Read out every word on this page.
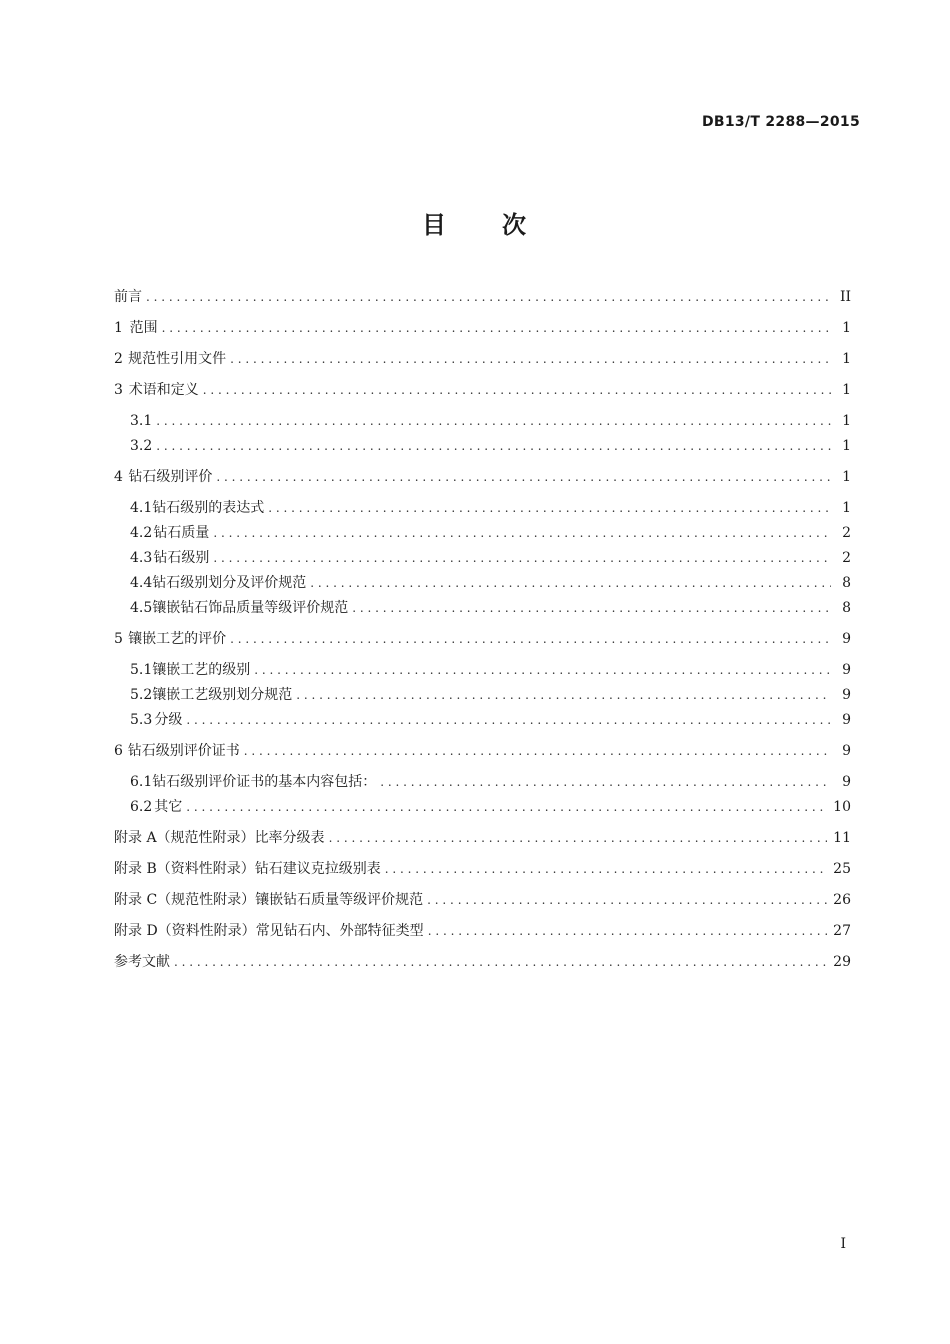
DB13/T 2288—2015
目 次
前言 . . .	II
1 范围 . . .	1
2 规范性引用文件 . . .	1
3 术语和定义 . . .	1
3.1 . . .	1
3.2 . . .	1
4 钻石级别评价 . . .	1
4.1 钻石级别的表达式 . . .	1
4.2 钻石质量 . . .	2
4.3 钻石级别 . . .	2
4.4 钻石级别划分及评价规范 . . .	8
4.5 镶嵌钻石饰品质量等级评价规范 . . .	8
5 镶嵌工艺的评价 . . .	9
5.1 镶嵌工艺的级别 . . .	9
5.2 镶嵌工艺级别划分规范 . . .	9
5.3 分级 . . .	9
6 钻石级别评价证书 . . .	9
6.1 钻石级别评价证书的基本内容包括： . . .	9
6.2 其它 . . .	10
附录 A（规范性附录） 比率分级表 . . .	11
附录 B（资料性附录） 钻石建议克拉级别表 . . .	25
附录 C（规范性附录） 镶嵌钻石质量等级评价规范 . . .	26
附录 D（资料性附录） 常见钻石内、外部特征类型 . . .	27
参考文献 . . .	29
I
